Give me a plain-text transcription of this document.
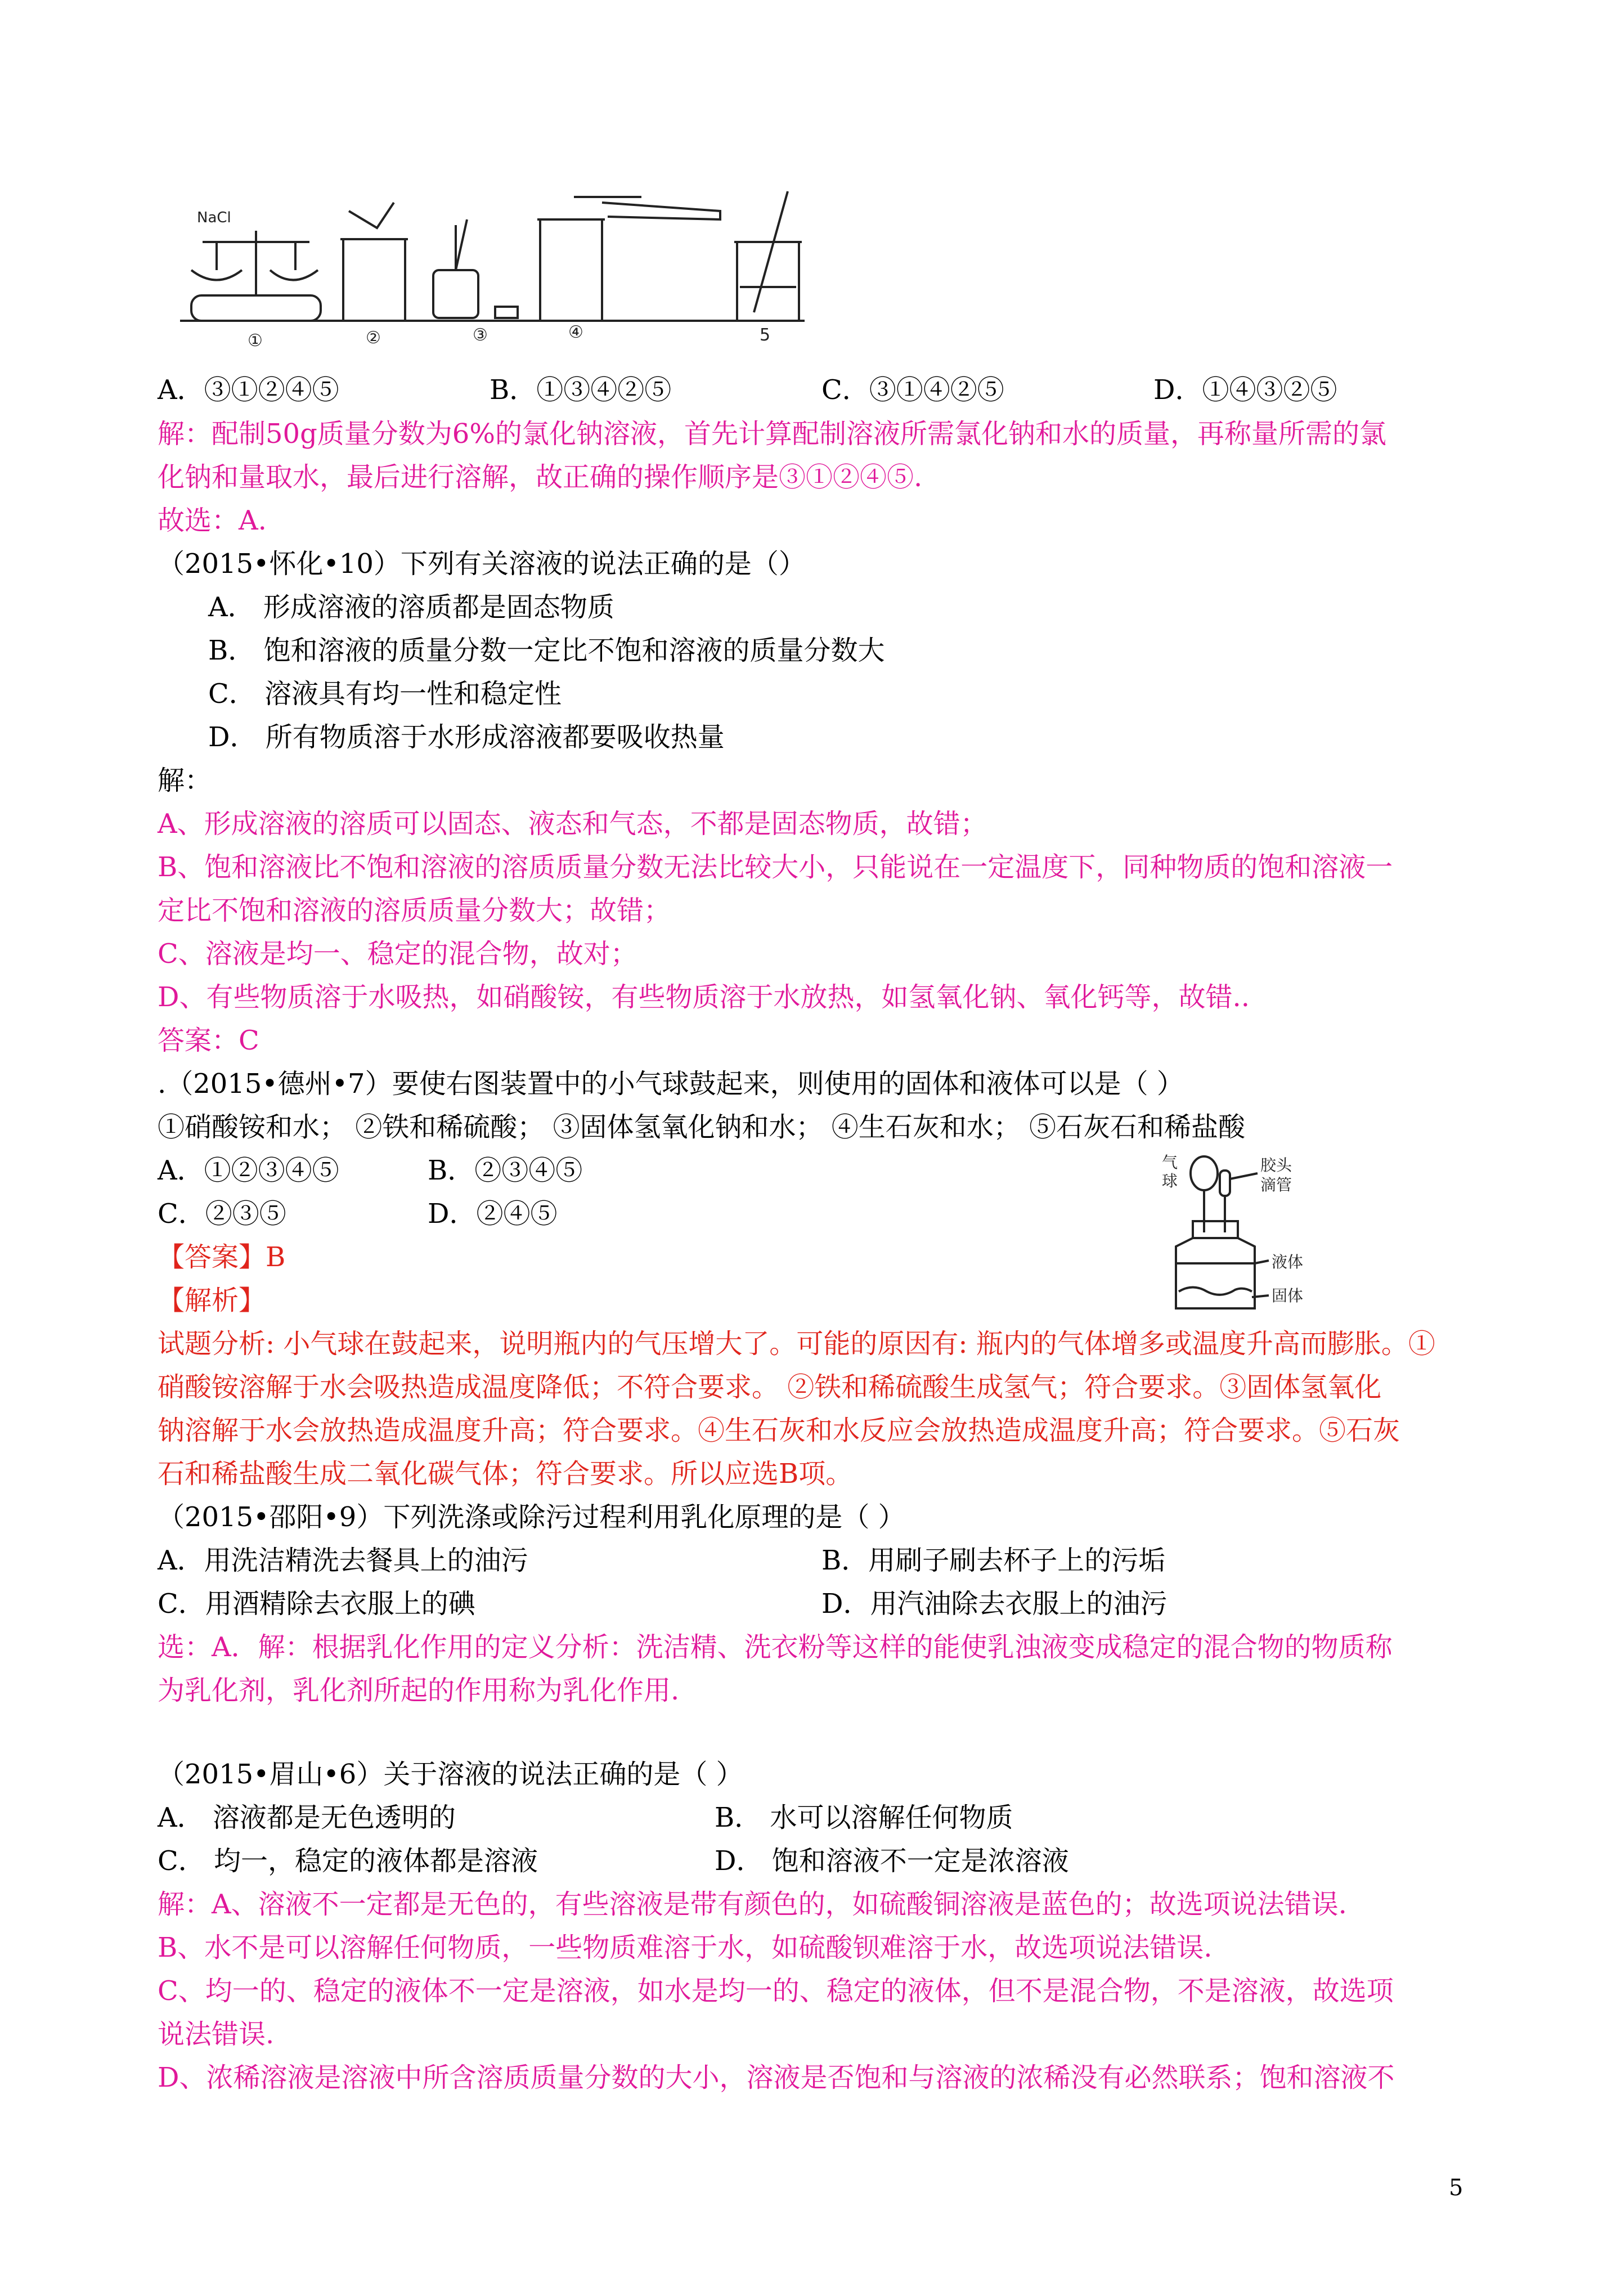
NaCl
①	②	③	④	5
A．③①②④⑤	B．①③④②⑤	C．③①④②⑤	D．①④③②⑤
解：配制50g质量分数为6%的氯化钠溶液，首先计算配制溶液所需氯化钠和水的质量，再称量所需的氯
化钠和量取水，最后进行溶解，故正确的操作顺序是③①②④⑤.
故选：A.
（2015•怀化•10）下列有关溶液的说法正确的是（）
A． 形成溶液的溶质都是固态物质
B． 饱和溶液的质量分数一定比不饱和溶液的质量分数大
C． 溶液具有均一性和稳定性
D． 所有物质溶于水形成溶液都要吸收热量
解：
A、形成溶液的溶质可以固态、液态和气态，不都是固态物质，故错；
B、饱和溶液比不饱和溶液的溶质质量分数无法比较大小，只能说在一定温度下，同种物质的饱和溶液一
定比不饱和溶液的溶质质量分数大；故错；
C、溶液是均一、稳定的混合物，故对；
D、有些物质溶于水吸热，如硝酸铵，有些物质溶于水放热，如氢氧化钠、氧化钙等，故错..
答案：C
.（2015•德州•7）要使右图装置中的小气球鼓起来，则使用的固体和液体可以是（ ）
①硝酸铵和水； ②铁和稀硫酸； ③固体氢氧化钠和水； ④生石灰和水； ⑤石灰石和稀盐酸
A．①②③④⑤	B．②③④⑤
C．②③⑤	D．②④⑤
气
球
胶头
滴管
液体
固体
【答案】B
【解析】
试题分析: 小气球在鼓起来，说明瓶内的气压增大了。可能的原因有: 瓶内的气体增多或温度升高而膨胀。①
硝酸铵溶解于水会吸热造成温度降低；不符合要求。 ②铁和稀硫酸生成氢气；符合要求。③固体氢氧化
钠溶解于水会放热造成温度升高；符合要求。④生石灰和水反应会放热造成温度升高；符合要求。⑤石灰
石和稀盐酸生成二氧化碳气体；符合要求。所以应选B项。
（2015•邵阳•9）下列洗涤或除污过程利用乳化原理的是（ ）
A．用洗洁精洗去餐具上的油污	B．用刷子刷去杯子上的污垢
C．用酒精除去衣服上的碘	D．用汽油除去衣服上的油污
选：A．解：根据乳化作用的定义分析：洗洁精、洗衣粉等这样的能使乳浊液变成稳定的混合物的物质称
为乳化剂，乳化剂所起的作用称为乳化作用.
（2015•眉山•6）关于溶液的说法正确的是（ ）
A． 溶液都是无色透明的	B． 水可以溶解任何物质
C． 均一，稳定的液体都是溶液	D． 饱和溶液不一定是浓溶液
解：A、溶液不一定都是无色的，有些溶液是带有颜色的，如硫酸铜溶液是蓝色的；故选项说法错误.
B、水不是可以溶解任何物质，一些物质难溶于水，如硫酸钡难溶于水，故选项说法错误.
C、均一的、稳定的液体不一定是溶液，如水是均一的、稳定的液体，但不是混合物，不是溶液，故选项
说法错误.
D、浓稀溶液是溶液中所含溶质质量分数的大小，溶液是否饱和与溶液的浓稀没有必然联系；饱和溶液不
5
